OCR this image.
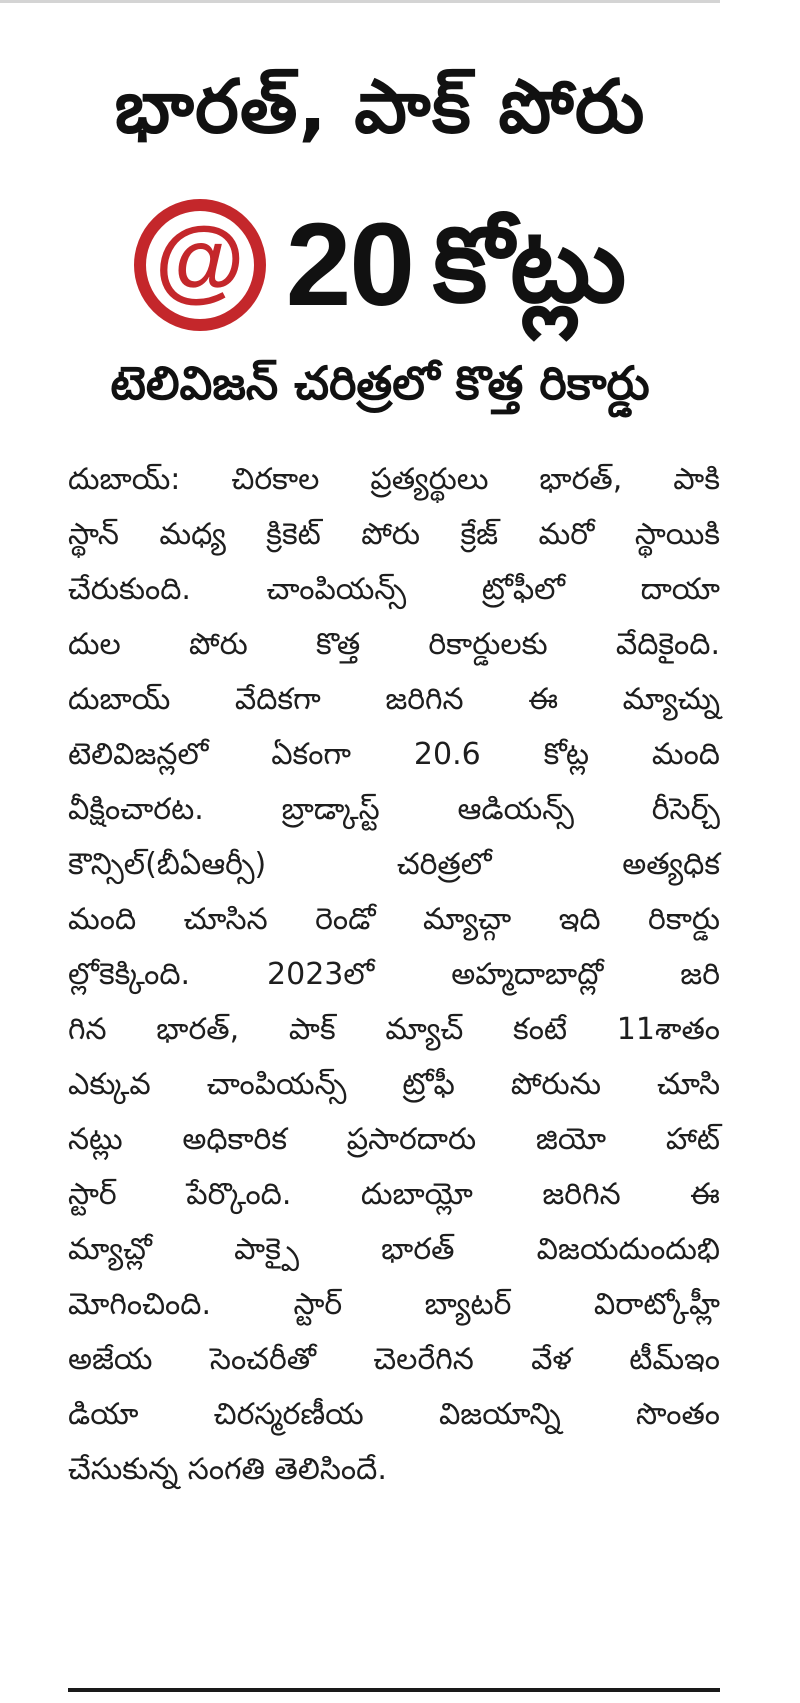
భారత్, పాక్ పోరు
@ 20 కోట్లు
టెలివిజన్ చరిత్రలో కొత్త రికార్డు
దుబాయ్: చిరకాల ప్రత్యర్థులు భారత్, పాకి
స్థాన్ మధ్య క్రికెట్ పోరు క్రేజ్ మరో స్థాయికి
చేరుకుంది. చాంపియన్స్ ట్రోఫీలో దాయా
దుల పోరు కొత్త రికార్డులకు వేదికైంది.
దుబాయ్ వేదికగా జరిగిన ఈ మ్యాచ్ను
టెలివిజన్లలో ఏకంగా 20.6 కోట్ల మంది
వీక్షించారట. బ్రాడ్కాస్ట్ ఆడియన్స్ రీసెర్చ్
కౌన్సిల్(బీఏఆర్సీ) చరిత్రలో అత్యధిక
మంది చూసిన రెండో మ్యాచ్గా ఇది రికార్డు
ల్లోకెక్కింది. 2023లో అహ్మదాబాద్లో జరి
గిన భారత్, పాక్ మ్యాచ్ కంటే 11శాతం
ఎక్కువ చాంపియన్స్ ట్రోఫీ పోరును చూసి
నట్లు అధికారిక ప్రసారదారు జియో హాట్
స్టార్ పేర్కొంది. దుబాయ్లో జరిగిన ఈ
మ్యాచ్లో పాక్పై భారత్ విజయదుందుభి
మోగించింది. స్టార్ బ్యాటర్ విరాట్కోహ్లీ
అజేయ సెంచరీతో చెలరేగిన వేళ టీమ్ఇం
డియా చిరస్మరణీయ విజయాన్ని సొంతం
చేసుకున్న సంగతి తెలిసిందే.
